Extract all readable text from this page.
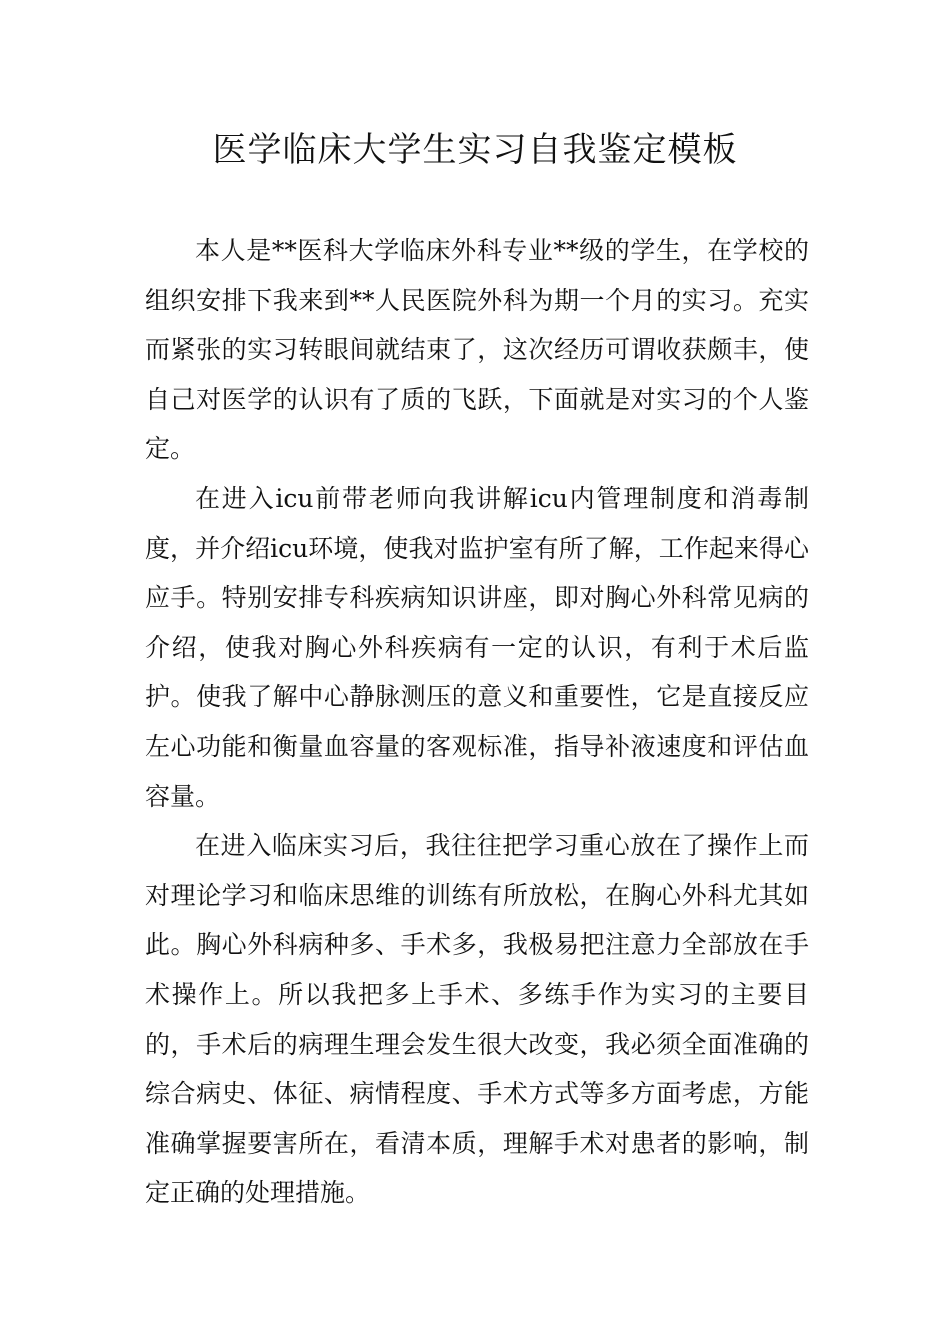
医学临床大学生实习自我鉴定模板

本人是**医科大学临床外科专业**级的学生，在学校的组织安排下我来到**人民医院外科为期一个月的实习。充实而紧张的实习转眼间就结束了，这次经历可谓收获颇丰，使自己对医学的认识有了质的飞跃，下面就是对实习的个人鉴定。

在进入icu前带老师向我讲解icu内管理制度和消毒制度，并介绍icu环境，使我对监护室有所了解，工作起来得心应手。特别安排专科疾病知识讲座，即对胸心外科常见病的介绍，使我对胸心外科疾病有一定的认识，有利于术后监护。使我了解中心静脉测压的意义和重要性，它是直接反应左心功能和衡量血容量的客观标准，指导补液速度和评估血容量。

在进入临床实习后，我往往把学习重心放在了操作上而对理论学习和临床思维的训练有所放松，在胸心外科尤其如此。胸心外科病种多、手术多，我极易把注意力全部放在手术操作上。所以我把多上手术、多练手作为实习的主要目的，手术后的病理生理会发生很大改变，我必须全面准确的综合病史、体征、病情程度、手术方式等多方面考虑，方能准确掌握要害所在，看清本质，理解手术对患者的影响，制定正确的处理措施。
